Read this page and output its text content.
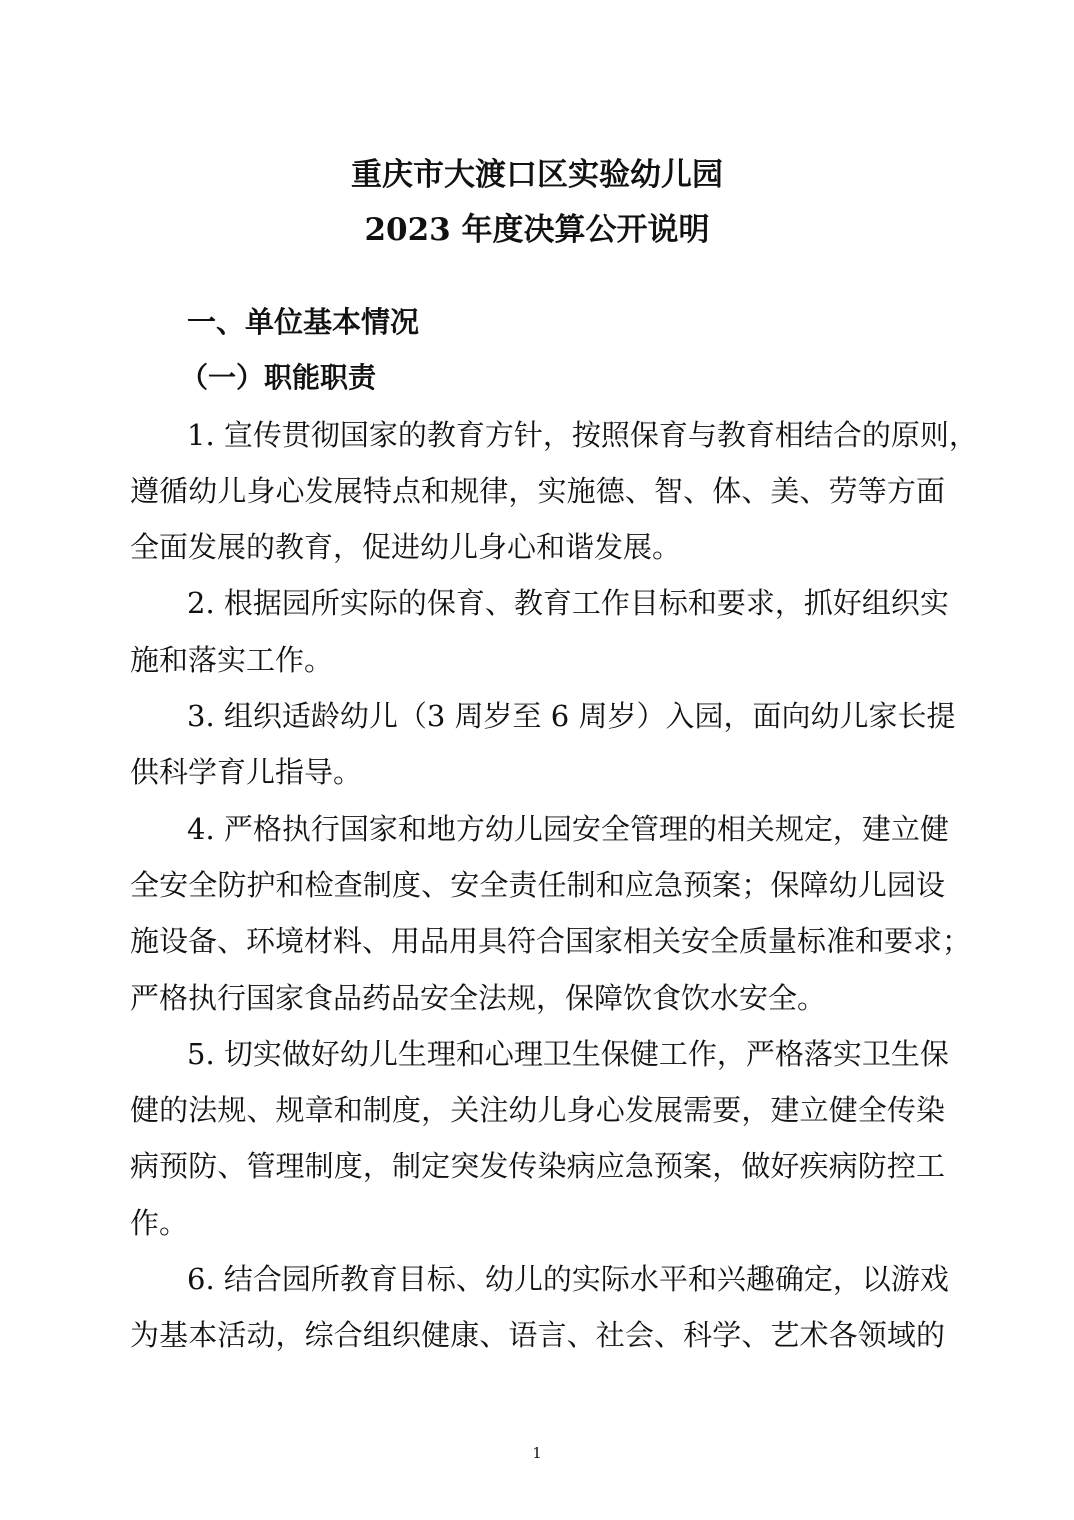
重庆市大渡口区实验幼儿园
2023 年度决算公开说明
一、单位基本情况
（一）职能职责
1. 宣传贯彻国家的教育方针，按照保育与教育相结合的原则，
遵循幼儿身心发展特点和规律，实施德、智、体、美、劳等方面
全面发展的教育，促进幼儿身心和谐发展。
2. 根据园所实际的保育、教育工作目标和要求，抓好组织实
施和落实工作。
3. 组织适龄幼儿（3 周岁至 6 周岁）入园，面向幼儿家长提
供科学育儿指导。
4. 严格执行国家和地方幼儿园安全管理的相关规定，建立健
全安全防护和检查制度、安全责任制和应急预案；保障幼儿园设
施设备、环境材料、用品用具符合国家相关安全质量标准和要求；
严格执行国家食品药品安全法规，保障饮食饮水安全。
5. 切实做好幼儿生理和心理卫生保健工作，严格落实卫生保
健的法规、规章和制度，关注幼儿身心发展需要，建立健全传染
病预防、管理制度，制定突发传染病应急预案，做好疾病防控工
作。
6. 结合园所教育目标、幼儿的实际水平和兴趣确定，以游戏
为基本活动，综合组织健康、语言、社会、科学、艺术各领域的
1
